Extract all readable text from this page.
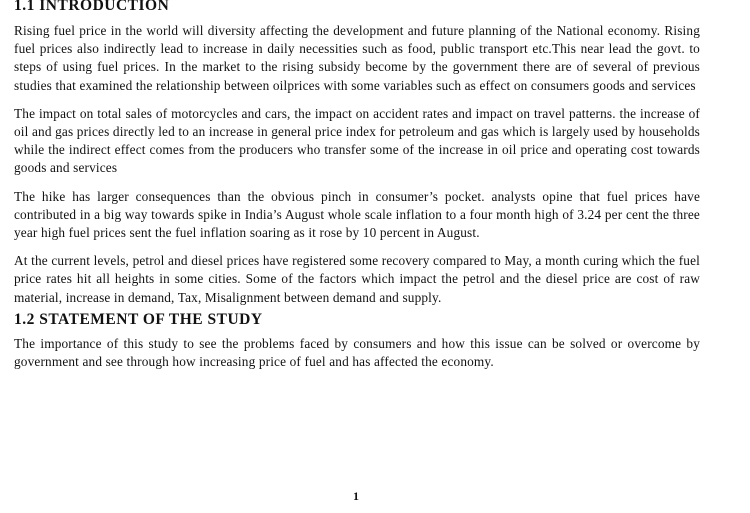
1.1 INTRODUCTION

Rising fuel price in the world will diversity affecting the development and future planning of the National economy. Rising fuel prices also indirectly lead to increase in daily necessities such as food, public transport etc.This near lead the govt. to steps of using fuel prices. In the market to the rising subsidy become by the government there are of several of previous studies that examined the relationship between oilprices with some variables such as effect on consumers goods and services

The impact on total sales of motorcycles and cars, the impact on accident rates and impact on travel patterns. the increase of oil and gas prices directly led to an increase in general price index for petroleum and gas which is largely used by households while the indirect effect comes from the producers who transfer some of the increase in oil price and operating cost towards goods and services

The hike has larger consequences than the obvious pinch in consumer’s pocket. analysts opine that fuel prices have contributed in a big way towards spike in India’s August whole scale inflation to a four month high of 3.24 per cent the three year high fuel prices sent the fuel inflation soaring as it rose by 10 percent in August.

At the current levels, petrol and diesel prices have registered some recovery compared to May, a month curing which the fuel price rates hit all heights in some cities. Some of the factors which impact the petrol and the diesel price are cost of raw material, increase in demand, Tax, Misalignment between demand and supply.

1.2 STATEMENT OF THE STUDY

The importance of this study to see the problems faced by consumers and how this issue can be solved or overcome by government and see through how increasing price of fuel and has affected the economy.

1
